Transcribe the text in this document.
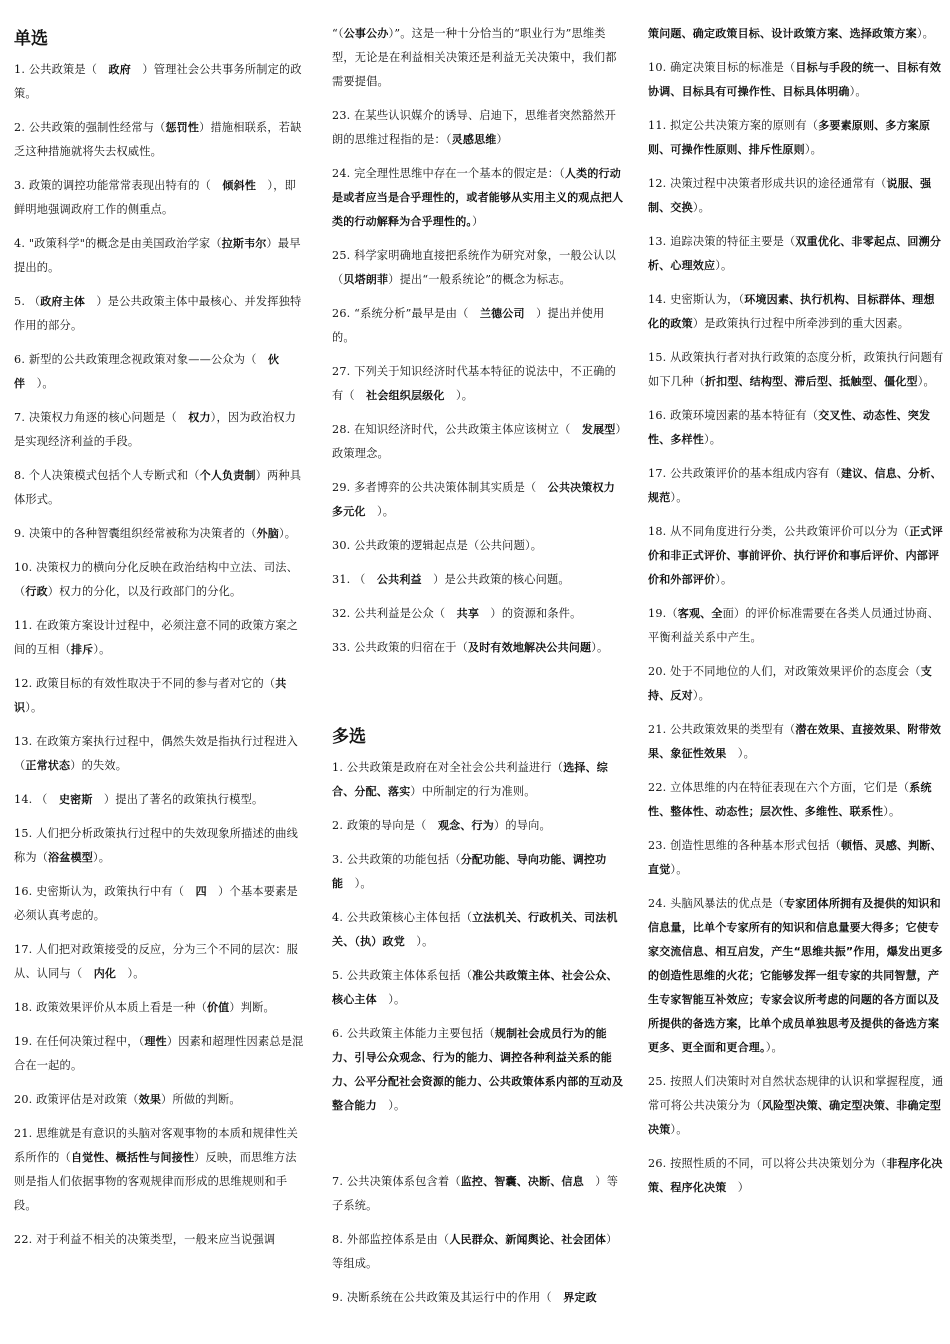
单选

1. 公共政策是（　政府　）管理社会公共事务所制定的政策。

2. 公共政策的强制性经常与（惩罚性）措施相联系，若缺乏这种措施就将失去权威性。

3. 政策的调控功能常常表现出特有的（　倾斜性　），即鲜明地强调政府工作的侧重点。

4. "政策科学"的概念是由美国政治学家（拉斯韦尔）最早提出的。

5. （政府主体　）是公共政策主体中最核心、并发挥独特作用的部分。

6. 新型的公共政策理念视政策对象——公众为（　伙伴　）。

7. 决策权力角逐的核心问题是（　权力），因为政治权力是实现经济利益的手段。

8. 个人决策模式包括个人专断式和（个人负责制）两种具体形式。

9. 决策中的各种智囊组织经常被称为决策者的（外脑）。

10. 决策权力的横向分化反映在政治结构中立法、司法、（行政）权力的分化，以及行政部门的分化。

11. 在政策方案设计过程中，必须注意不同的政策方案之间的互相（排斥）。

12. 政策目标的有效性取决于不同的参与者对它的（共识）。

13. 在政策方案执行过程中，偶然失效是指执行过程进入（正常状态）的失效。

14. （　史密斯　）提出了著名的政策执行模型。

15. 人们把分析政策执行过程中的失效现象所描述的曲线称为（浴盆模型）。

16. 史密斯认为，政策执行中有（　四　）个基本要素是必须认真考虑的。

17. 人们把对政策接受的反应，分为三个不同的层次：服从、认同与（　内化　）。

18. 政策效果评价从本质上看是一种（价值）判断。

19. 在任何决策过程中，（理性）因素和超理性因素总是混合在一起的。

20. 政策评估是对政策（效果）所做的判断。

21. 思维就是有意识的头脑对客观事物的本质和规律性关系所作的（自觉性、概括性与间接性）反映，而思维方法则是指人们依据事物的客观规律而形成的思维规则和手段。

22. 对于利益不相关的决策类型，一般来应当说强调

“（公事公办）”。这是一种十分恰当的“职业行为”思维类型，无论是在利益相关决策还是利益无关决策中，我们都需要提倡。

23. 在某些认识媒介的诱导、启迪下，思维者突然豁然开朗的思维过程指的是：（灵感思维）

24. 完全理性思维中存在一个基本的假定是：（人类的行动是或者应当是合乎理性的，或者能够从实用主义的观点把人类的行动解释为合乎理性的。）

25. 科学家明确地直接把系统作为研究对象，一般公认以（贝塔朗菲）提出“一般系统论”的概念为标志。

26. “系统分析”最早是由（　兰德公司　）提出并使用的。

27. 下列关于知识经济时代基本特征的说法中，不正确的有（　社会组织层级化　）。

28. 在知识经济时代，公共政策主体应该树立（　发展型）政策理念。

29. 多者博弈的公共决策体制其实质是（　公共决策权力多元化　）。

30. 公共政策的逻辑起点是（公共问题）。

31. （　公共利益　）是公共政策的核心问题。

32. 公共利益是公众（　共享　）的资源和条件。

33. 公共政策的归宿在于（及时有效地解决公共问题）。

多选

1. 公共政策是政府在对全社会公共利益进行（选择、综合、分配、落实）中所制定的行为准则。

2. 政策的导向是（　观念、行为）的导向。

3. 公共政策的功能包括（分配功能、导向功能、调控功能　）。

4. 公共政策核心主体包括（立法机关、行政机关、司法机关、（执）政党　）。

5. 公共政策主体体系包括（准公共政策主体、社会公众、核心主体　）。

6. 公共政策主体能力主要包括（规制社会成员行为的能力、引导公众观念、行为的能力、调控各种利益关系的能力、公平分配社会资源的能力、公共政策体系内部的互动及整合能力　）。

7. 公共决策体系包含着（监控、智囊、决断、信息　）等子系统。

8. 外部监控体系是由（人民群众、新闻舆论、社会团体）等组成。

9. 决断系统在公共政策及其运行中的作用（　界定政

策问题、确定政策目标、设计政策方案、选择政策方案）。

10. 确定决策目标的标准是（目标与手段的统一、目标有效协调、目标具有可操作性、目标具体明确）。

11. 拟定公共决策方案的原则有（多要素原则、多方案原则、可操作性原则、排斥性原则）。

12. 决策过程中决策者形成共识的途径通常有（说服、强制、交换）。

13. 追踪决策的特征主要是（双重优化、非零起点、回溯分析、心理效应）。

14. 史密斯认为，（环境因素、执行机构、目标群体、理想化的政策）是政策执行过程中所牵涉到的重大因素。

15. 从政策执行者对执行政策的态度分析，政策执行问题有如下几种（折扣型、结构型、滞后型、抵触型、僵化型）。

16. 政策环境因素的基本特征有（交叉性、动态性、突发性、多样性）。

17. 公共政策评价的基本组成内容有（建议、信息、分析、规范）。

18. 从不同角度进行分类，公共政策评价可以分为（正式评价和非正式评价、事前评价、执行评价和事后评价、内部评价和外部评价）。

19.（客观、全面）的评价标准需要在各类人员通过协商、平衡利益关系中产生。

20. 处于不同地位的人们，对政策效果评价的态度会（支持、反对）。

21. 公共政策效果的类型有（潜在效果、直接效果、附带效果、象征性效果　）。

22. 立体思维的内在特征表现在六个方面，它们是（系统性、整体性、动态性；层次性、多维性、联系性）。

23. 创造性思维的各种基本形式包括（顿悟、灵感、判断、直觉）。

24. 头脑风暴法的优点是（专家团体所拥有及提供的知识和信息量，比单个专家所有的知识和信息量要大得多；它使专家交流信息、相互启发，产生“思维共振”作用，爆发出更多的创造性思维的火花；它能够发挥一组专家的共同智慧，产生专家智能互补效应；专家会议所考虑的问题的各方面以及所提供的备选方案，比单个成员单独思考及提供的备选方案更多、更全面和更合理。）。

25. 按照人们决策时对自然状态规律的认识和掌握程度，通常可将公共决策分为（风险型决策、确定型决策、非确定型决策）。

26. 按照性质的不同，可以将公共决策划分为（非程序化决策、程序化决策　）
